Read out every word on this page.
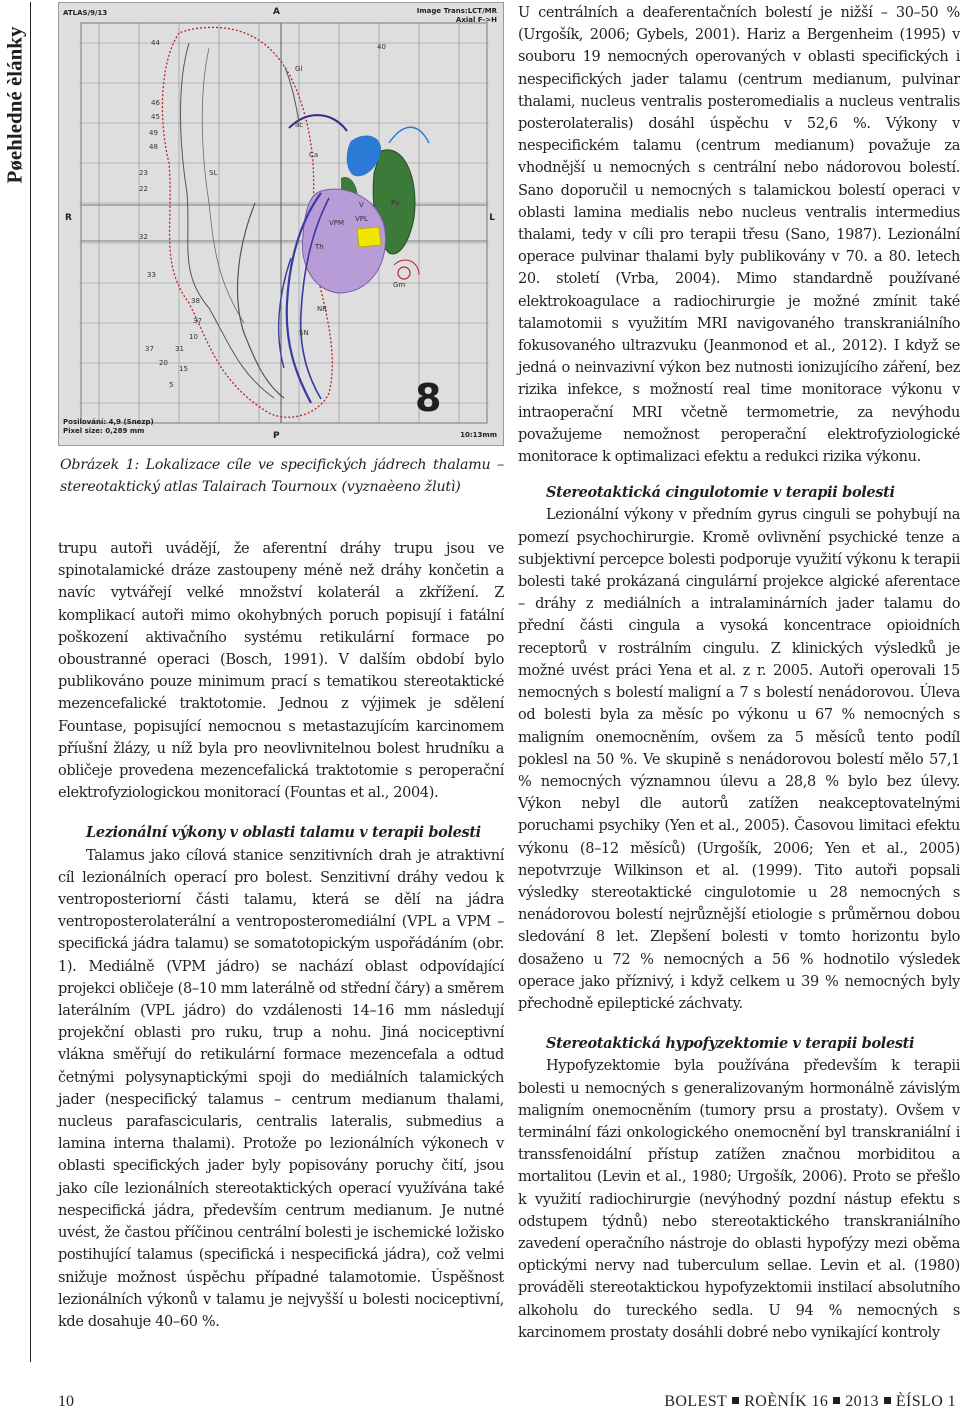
Pøehledné èlánky
ATLAS/9/13	A	Image Trans:LCT/MR
Axial F->H
Posilování: 4,9 (Snezp)
Pixel size: 0,289 mm	P	10:13mm
8
R	L
44	40
46
45
49
48
23
22
32
33
37	31
20
15
5
38
37
10
Gl
Ca
SL
Pu
V
VPL
VPM
Gm
Th
NR
SN
ac

Obrázek 1: Lokalizace cíle ve specifických jádrech thalamu – stereotaktický atlas Talairach Tournoux (vyznaèeno žlutì)

trupu autoři uvádějí, že aferentní dráhy trupu jsou ve spinotalamické dráze zastoupeny méně než dráhy končetin a navíc vytvářejí velké množství kolaterál a zkřížení. Z komplikací autoři mimo okohybných poruch popisují i fatální poškození aktivačního systému retikulární formace po oboustranné operaci (Bosch, 1991). V dalším období bylo publikováno pouze minimum prací s tematikou stereotaktické mezencefalické traktotomie. Jednou z výjimek je sdělení Fountase, popisující nemocnou s metastazujícím karcinomem příušní žlázy, u níž byla pro neovlivnitelnou bolest hrudníku a obličeje provedena mezencefalická traktotomie s peroperační elektrofyziologickou monitorací (Fountas et al., 2004).

Lezionální výkony v oblasti talamu v terapii bolesti

Talamus jako cílová stanice senzitivních drah je atraktivní cíl lezionálních operací pro bolest. Senzitivní dráhy vedou k ventroposteriorní části talamu, která se dělí na jádra ventroposterolaterální a ventroposteromediální (VPL a VPM – specifická jádra talamu) se somatotopickým uspořádáním (obr. 1). Mediálně (VPM jádro) se nachází oblast odpovídající projekci obličeje (8–10 mm laterálně od střední čáry) a směrem laterálním (VPL jádro) do vzdálenosti 14–16 mm následují projekční oblasti pro ruku, trup a nohu. Jiná nociceptivní vlákna směřují do retikulární formace mezencefala a odtud četnými polysynaptickými spoji do mediálních talamických jader (nespecifický talamus – centrum medianum thalami, nucleus parafascicularis, centralis lateralis, submedius a lamina interna thalami). Protože po lezionálních výkonech v oblasti specifických jader byly popisovány poruchy čití, jsou jako cíle lezionálních stereotaktických operací využívána také nespecifická jádra, především centrum medianum. Je nutné uvést, že častou příčinou centrální bolesti je ischemické ložisko postihující talamus (specifická i nespecifická jádra), což velmi snižuje možnost úspěchu případné talamotomie. Úspěšnost lezionálních výkonů v talamu je nejvyšší u bolesti nociceptivní, kde dosahuje 40–60 %.

U centrálních a deaferentačních bolestí je nižší – 30–50 % (Urgošík, 2006; Gybels, 2001). Hariz a Bergenheim (1995) v souboru 19 nemocných operovaných v oblasti specifických i nespecifických jader talamu (centrum medianum, pulvinar thalami, nucleus ventralis posteromedialis a nucleus ventralis posterolateralis) dosáhl úspěchu v 52,6 %. Výkony v nespecifickém talamu (centrum medianum) považuje za vhodnější u nemocných s centrální nebo nádorovou bolestí. Sano doporučil u nemocných s talamickou bolestí operaci v oblasti lamina medialis nebo nucleus ventralis intermedius thalami, tedy v cíli pro terapii třesu (Sano, 1987). Lezionální operace pulvinar thalami byly publikovány v 70. a 80. letech 20. století (Vrba, 2004). Mimo standardně používané elektrokoagulace a radiochirurgie je možné zmínit také talamotomii s využitím MRI navigovaného transkraniálního fokusovaného ultrazvuku (Jeanmonod et al., 2012). I když se jedná o neinvazivní výkon bez nutnosti ionizujícího záření, bez rizika infekce, s možností real time monitorace výkonu v intraoperační MRI včetně termometrie, za nevýhodu považujeme nemožnost peroperační elektrofyziologické monitorace k optimalizaci efektu a redukci rizika výkonu.

Stereotaktická cingulotomie v terapii bolesti

Lezionální výkony v předním gyrus cinguli se pohybují na pomezí psychochirurgie. Kromě ovlivnění psychické tenze a subjektivní percepce bolesti podporuje využití výkonu k terapii bolesti také prokázaná cingulární projekce algické aferentace – dráhy z mediálních a intralaminárních jader talamu do přední části cingula a vysoká koncentrace opioidních receptorů v rostrálním cingulu. Z klinických výsledků je možné uvést práci Yena et al. z r. 2005. Autoři operovali 15 nemocných s bolestí maligní a 7 s bolestí nenádorovou. Úleva od bolesti byla za měsíc po výkonu u 67 % nemocných s maligním onemocněním, ovšem za 5 měsíců tento podíl poklesl na 50 %. Ve skupině s nenádorovou bolestí mělo 57,1 % nemocných významnou úlevu a 28,8 % bylo bez úlevy. Výkon nebyl dle autorů zatížen neakceptovatelnými poruchami psychiky (Yen et al., 2005). Časovou limitaci efektu výkonu (8–12 měsíců) (Urgošík, 2006; Yen et al., 2005) nepotvrzuje Wilkinson et al. (1999). Tito autoři popsali výsledky stereotaktické cingulotomie u 28 nemocných s nenádorovou bolestí nejrůznější etiologie s průměrnou dobou sledování 8 let. Zlepšení bolesti v tomto horizontu bylo dosaženo u 72 % nemocných a 56 % hodnotilo výsledek operace jako příznivý, i když celkem u 39 % nemocných byly přechodně epileptické záchvaty.

Stereotaktická hypofyzektomie v terapii bolesti

Hypofyzektomie byla používána především k terapii bolesti u nemocných s generalizovaným hormonálně závislým maligním onemocněním (tumory prsu a prostaty). Ovšem v terminální fázi onkologického onemocnění byl transkraniální i transsfenoidální přístup zatížen značnou morbiditou a mortalitou (Levin et al., 1980; Urgošík, 2006). Proto se přešlo k využití radiochirurgie (nevýhodný pozdní nástup efektu s odstupem týdnů) nebo stereotaktického transkraniálního zavedení operačního nástroje do oblasti hypofýzy mezi oběma optickými nervy nad tuberculum sellae. Levin et al. (1980) prováděli stereotaktickou hypofyzektomii instilací absolutního alkoholu do tureckého sedla. U 94 % nemocných s karcinomem prostaty dosáhli dobré nebo vynikající kontroly

10	BOLEST ROÈNÍK 16 2013 ÈÍSLO 1
